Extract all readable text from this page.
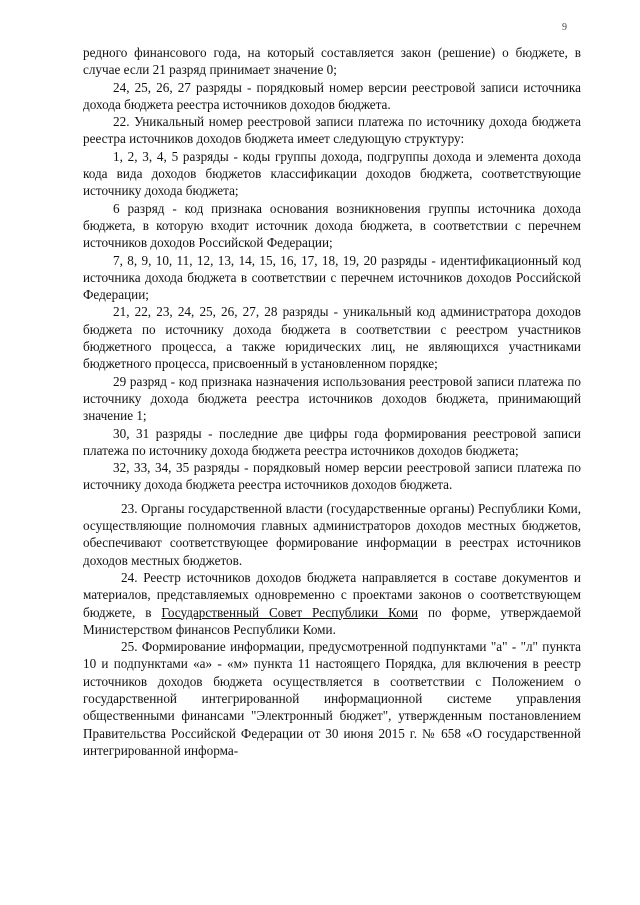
9

редного финансового года, на который составляется закон (решение) о бюджете, в случае если 21 разряд принимает значение 0;

24, 25, 26, 27 разряды - порядковый номер версии реестровой записи источника дохода бюджета реестра источников доходов бюджета.

22. Уникальный номер реестровой записи платежа по источнику дохода бюджета реестра источников доходов бюджета имеет следующую структуру:

1, 2, 3, 4, 5 разряды - коды группы дохода, подгруппы дохода и элемента дохода кода вида доходов бюджетов классификации доходов бюджета, соответствующие источнику дохода бюджета;

6 разряд - код признака основания возникновения группы источника дохода бюджета, в которую входит источник дохода бюджета, в соответствии с перечнем источников доходов Российской Федерации;

7, 8, 9, 10, 11, 12, 13, 14, 15, 16, 17, 18, 19, 20 разряды - идентификационный код источника дохода бюджета в соответствии с перечнем источников доходов Российской Федерации;

21, 22, 23, 24, 25, 26, 27, 28 разряды - уникальный код администратора доходов бюджета по источнику дохода бюджета в соответствии с реестром участников бюджетного процесса, а также юридических лиц, не являющихся участниками бюджетного процесса, присвоенный в установленном порядке;

29 разряд - код признака назначения использования реестровой записи платежа по источнику дохода бюджета реестра источников доходов бюджета, принимающий значение 1;

30, 31 разряды - последние две цифры года формирования реестровой записи платежа по источнику дохода бюджета реестра источников доходов бюджета;

32, 33, 34, 35 разряды - порядковый номер версии реестровой записи платежа по источнику дохода бюджета реестра источников доходов бюджета.

23. Органы государственной власти (государственные органы) Республики Коми, осуществляющие полномочия главных администраторов доходов местных бюджетов, обеспечивают соответствующее формирование информации в реестрах источников доходов местных бюджетов.

24. Реестр источников доходов бюджета направляется в составе документов и материалов, представляемых одновременно с проектами законов о соответствующем бюджете, в Государственный Совет Республики Коми по форме, утверждаемой Министерством финансов Республики Коми.

25. Формирование информации, предусмотренной подпунктами "а" - "л" пункта 10 и подпунктами «а» - «м» пункта 11 настоящего Порядка, для включения в реестр источников доходов бюджета осуществляется в соответствии с Положением о государственной интегрированной информационной системе управления общественными финансами "Электронный бюджет", утвержденным постановлением Правительства Российской Федерации от 30 июня 2015 г. № 658 «О государственной интегрированной информа-
